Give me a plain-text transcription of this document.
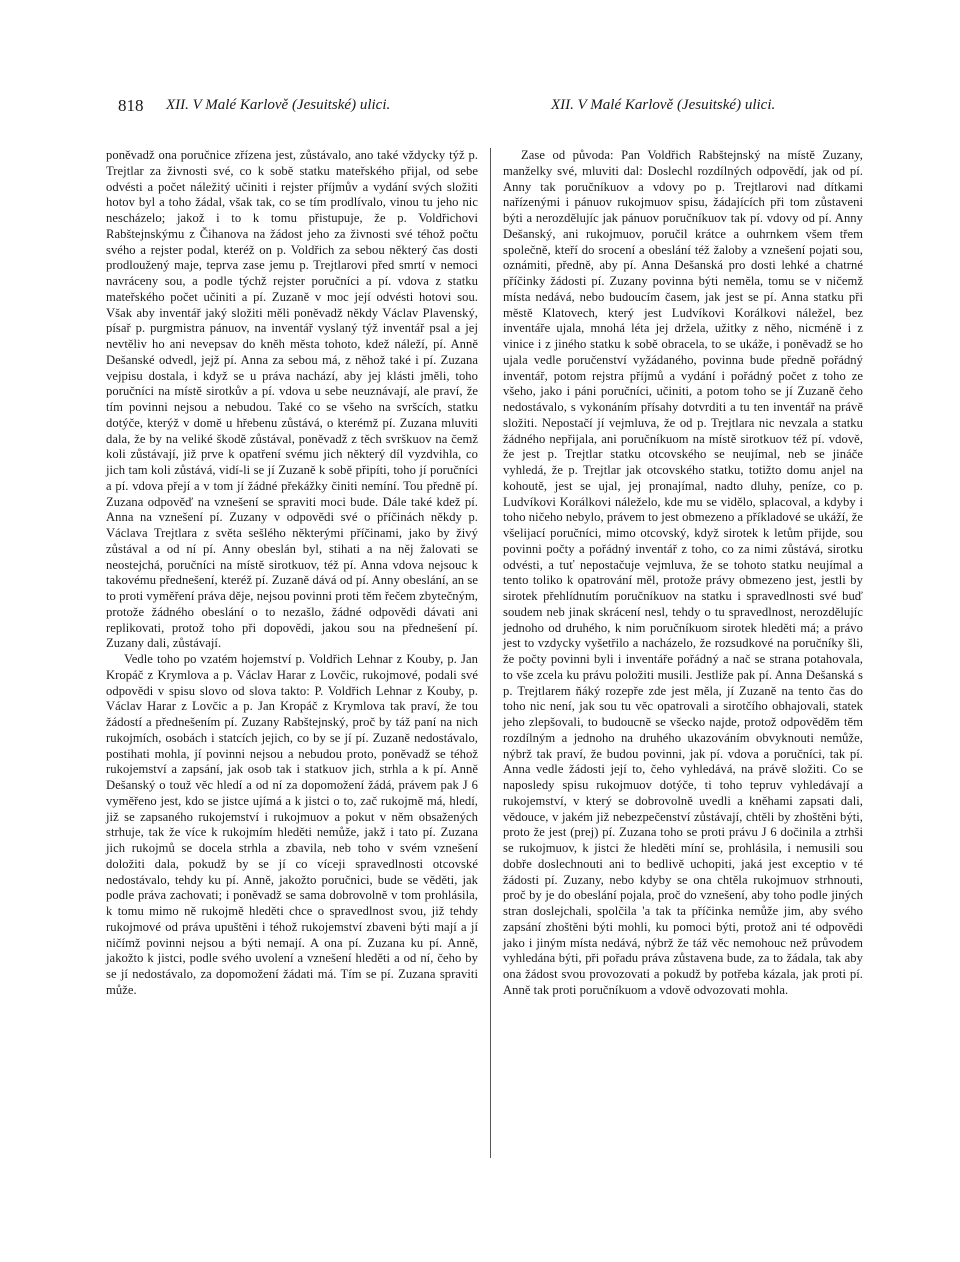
818 XII. V Malé Karlově (Jesuitské) ulici.	XII. V Malé Karlově (Jesuitské) ulici.

poněvadž ona poručnice zřízena jest, zůstávalo, ano také vždycky týž p. Trejtlar za živnosti své, co k sobě statku mateřského přijal, od sebe odvésti a počet náležitý učiniti i rejster příjmův a vydání svých složiti hotov byl a toho žádal, však tak, co se tím prodlívalo, vinou tu jeho nic nescházelo; jakož i to k tomu přistupuje, že p. Voldřichovi Rabštejnskýmu z Čihanova na žádost jeho za živnosti své téhož počtu svého a rejster podal, kteréž on p. Voldřich za sebou některý čas dosti prodloužený maje, teprva zase jemu p. Trejtlarovi před smrtí v nemoci navráceny sou, a podle týchž rejster poručníci a pí. vdova z statku mateřského počet učiniti a pí. Zuzaně v moc její odvésti hotovi sou. Však aby inventář jaký složiti měli poněvadž někdy Václav Plavenský, písař p. purgmistra pánuov, na inventář vyslaný týž inventář psal a jej nevtěliv ho ani nevepsav do kněh města tohoto, kdež náleží, pí. Anně Dešanské odvedl, jejž pí. Anna za sebou má, z něhož také i pí. Zuzana vejpisu dostala, i když se u práva nachází, aby jej klásti jměli, toho poručníci na místě sirotkův a pí. vdova u sebe neuznávají, ale praví, že tím povinni nejsou a nebudou. Také co se všeho na svršcích, statku dotýče, kterýž v domě u hřebenu zůstává, o kterémž pí. Zuzana mluviti dala, že by na veliké škodě zůstával, poněvadž z těch svrškuov na čemž koli zůstávají, již prve k opatření svému jich některý díl vyzdvihla, co jich tam koli zůstává, vidí-li se jí Zuzaně k sobě připíti, toho jí poručníci a pí. vdova přejí a v tom jí žádné překážky činiti nemíní. Tou předně pí. Zuzana odpověď na vznešení se spraviti moci bude. Dále také kdež pí. Anna na vznešení pí. Zuzany v odpovědi své o příčinách někdy p. Václava Trejtlara z světa sešlého některými příčinami, jako by živý zůstával a od ní pí. Anny obeslán byl, stihati a na něj žalovati se neostejchá, poručníci na místě sirotkuov, též pí. Anna vdova nejsouc k takovému přednešení, kteréž pí. Zuzaně dává od pí. Anny obeslání, an se to proti vyměření práva děje, nejsou povinni proti těm řečem zbytečným, protože žádného obeslání o to nezašlo, žádné odpovědi dávati ani replikovati, protož toho při dopovědi, jakou sou na přednešení pí. Zuzany dali, zůstávají.

Vedle toho po vzatém hojemství p. Voldřich Lehnar z Kouby, p. Jan Kropáč z Krymlova a p. Václav Harar z Lovčic, rukojmové, podali své odpovědi v spisu slovo od slova takto: P. Voldřich Lehnar z Kouby, p. Václav Harar z Lovčic a p. Jan Kropáč z Krymlova tak praví, že tou žádostí a přednešením pí. Zuzany Rabštejnský, proč by táž paní na nich rukojmích, osobách i statcích jejich, co by se jí pí. Zuzaně nedostávalo, postihati mohla, jí povinni nejsou a nebudou proto, poněvadž se téhož rukojemství a zapsání, jak osob tak i statkuov jich, strhla a k pí. Anně Dešanský o touž věc hledí a od ní za dopomožení žádá, právem pak J 6 vyměřeno jest, kdo se jistce ujímá a k jistci o to, zač rukojmě má, hledí, již se zapsaného rukojemství i rukojmuov a pokut v něm obsažených strhuje, tak že více k rukojmím hleděti nemůže, jakž i tato pí. Zuzana jich rukojmů se docela strhla a zbavila, neb toho v svém vznešení doložiti dala, pokudž by se jí co víceji spravedlnosti otcovské nedostávalo, tehdy ku pí. Anně, jakožto poručnici, bude se věděti, jak podle práva zachovati; i poněvadž se sama dobrovolně v tom prohlásila, k tomu mimo ně rukojmě hleděti chce o spravedlnost svou, již tehdy rukojmové od práva upuštěni i téhož rukojemství zbaveni býti mají a jí ničímž povinni nejsou a býti nemají. A ona pí. Zuzana ku pí. Anně, jakožto k jistci, podle svého uvolení a vznešení hleděti a od ní, čeho by se jí nedostávalo, za dopomožení žádati má. Tím se pí. Zuzana spraviti může.

Zase od původa: Pan Voldřich Rabštejnský na místě Zuzany, manželky své, mluviti dal: Doslechl rozdílných odpovědí, jak od pí. Anny tak poručníkuov a vdovy po p. Trejtlarovi nad dítkami nařízenými i pánuov rukojmuov spisu, žádajících při tom zůstaveni býti a nerozdělujíc jak pánuov poručníkuov tak pí. vdovy od pí. Anny Dešanský, ani rukojmuov, poručil krátce a ouhrnkem všem třem společně, kteří do srocení a obeslání též žaloby a vznešení pojati sou, oznámiti, předně, aby pí. Anna Dešanská pro dosti lehké a chatrné příčinky žádosti pí. Zuzany povinna býti neměla, tomu se v ničemž místa nedává, nebo budoucím časem, jak jest se pí. Anna statku při městě Klatovech, který jest Ludvíkovi Korálkovi náležel, bez inventáře ujala, mnohá léta jej držela, užitky z něho, nicméně i z vinice i z jiného statku k sobě obracela, to se ukáže, i poněvadž se ho ujala vedle poručenství vyžádaného, povinna bude předně pořádný inventář, potom rejstra příjmů a vydání i pořádný počet z toho ze všeho, jako i páni poručníci, učiniti, a potom toho se jí Zuzaně čeho nedostávalo, s vykonáním přísahy dotvrditi a tu ten inventář na právě složiti. Nepostačí jí vejmluva, že od p. Trejtlara nic nevzala a statku žádného nepřijala, ani poručníkuom na místě sirotkuov též pí. vdově, že jest p. Trejtlar statku otcovského se neujímal, neb se jináče vyhledá, že p. Trejtlar jak otcovského statku, totižto domu anjel na kohoutě, jest se ujal, jej pronajímal, nadto dluhy, peníze, co p. Ludvíkovi Korálkovi náleželo, kde mu se vidělo, splacoval, a kdyby i toho ničeho nebylo, právem to jest obmezeno a příkladové se ukáží, že všelijací poručníci, mimo otcovský, když sirotek k letům přijde, sou povinni počty a pořádný inventář z toho, co za nimi zůstává, sirotku odvésti, a tuť nepostačuje vejmluva, že se tohoto statku neujímal a tento toliko k opatrování měl, protože právy obmezeno jest, jestli by sirotek přehlídnutím poručníkuov na statku i spravedlnosti své buď soudem neb jinak skrácení nesl, tehdy o tu spravedlnost, nerozdělujíc jednoho od druhého, k nim poručníkuom sirotek hleděti má; a právo jest to vzdycky vyšetřilo a nacházelo, že rozsudkové na poručníky šli, že počty povinni byli i inventáře pořádný a nač se strana potahovala, to vše zcela ku právu položiti musili. Jestliže pak pí. Anna Dešanská s p. Trejtlarem ňáký rozepře zde jest měla, jí Zuzaně na tento čas do toho nic není, jak sou tu věc opatrovali a sirotčího obhajovali, statek jeho zlepšovali, to budoucně se všecko najde, protož odpověděm těm rozdílným a jednoho na druhého ukazováním obvyknouti nemůže, nýbrž tak praví, že budou povinni, jak pí. vdova a poručníci, tak pí. Anna vedle žádosti její to, čeho vyhledává, na právě složiti. Co se naposledy spisu rukojmuov dotýče, ti toho tepruv vyhledávají a rukojemství, v který se dobrovolně uvedli a kněhami zapsati dali, vědouce, v jakém již nebezpečenství zůstávají, chtěli by zhoštěni býti, proto že jest (prej) pí. Zuzana toho se proti právu J 6 dočinila a ztrhši se rukojmuov, k jistci že hleděti míní se, prohlásila, i nemusili sou dobře doslechnouti ani to bedlivě uchopiti, jaká jest exceptio v té žádosti pí. Zuzany, nebo kdyby se ona chtěla rukojmuov strhnouti, proč by je do obeslání pojala, proč do vznešení, aby toho podle jiných stran doslejchali, spolčila 'a tak ta příčinka nemůže jim, aby svého zapsání zhoštěni býti mohli, ku pomoci býti, protož ani té odpovědi jako i jiným místa nedává, nýbrž že táž věc nemohouc než průvodem vyhledána býti, při pořadu práva zůstavena bude, za to žádala, tak aby ona žádost svou provozovati a pokudž by potřeba kázala, jak proti pí. Anně tak proti poručníkuom a vdově odvozovati mohla.
